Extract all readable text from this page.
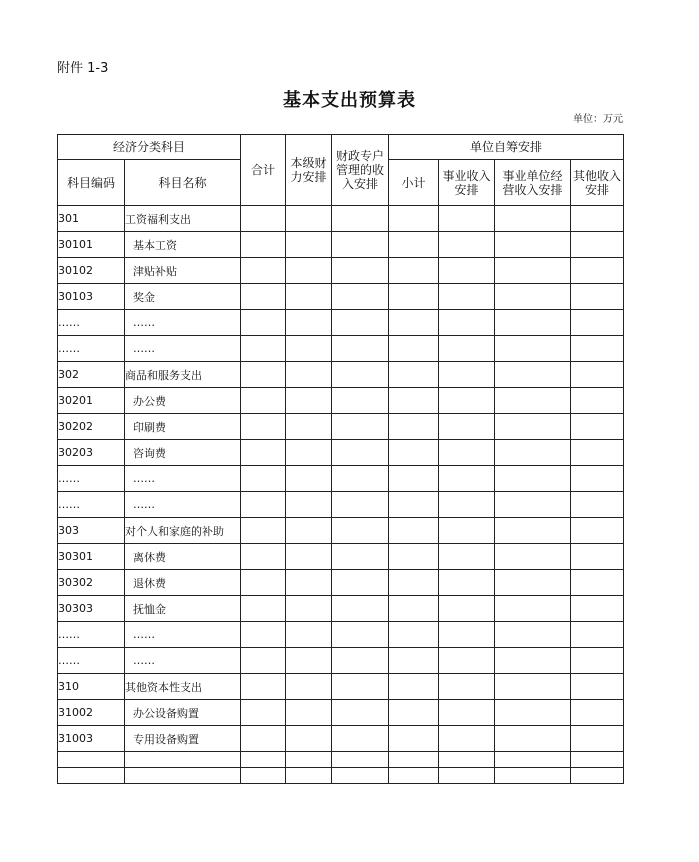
附件 1-3
基本支出预算表
单位：万元
经济分类科目		合计	本级财力安排	财政专户管理的收入安排	单位自筹安排			
科目编码	科目名称				小计	事业收入安排	事业单位经营收入安排	其他收入安排

301	工资福利支出							
30101	基本工资							
30102	津贴补贴							
30103	奖金							
……	……							
……	……							
302	商品和服务支出							
30201	办公费							
30202	印刷费							
30203	咨询费							
……	……							
……	……							
303	对个人和家庭的补助							
30301	离休费							
30302	退休费							
30303	抚恤金							
……	……							
……	……							
310	其他资本性支出							
31002	办公设备购置							
31003	专用设备购置							
